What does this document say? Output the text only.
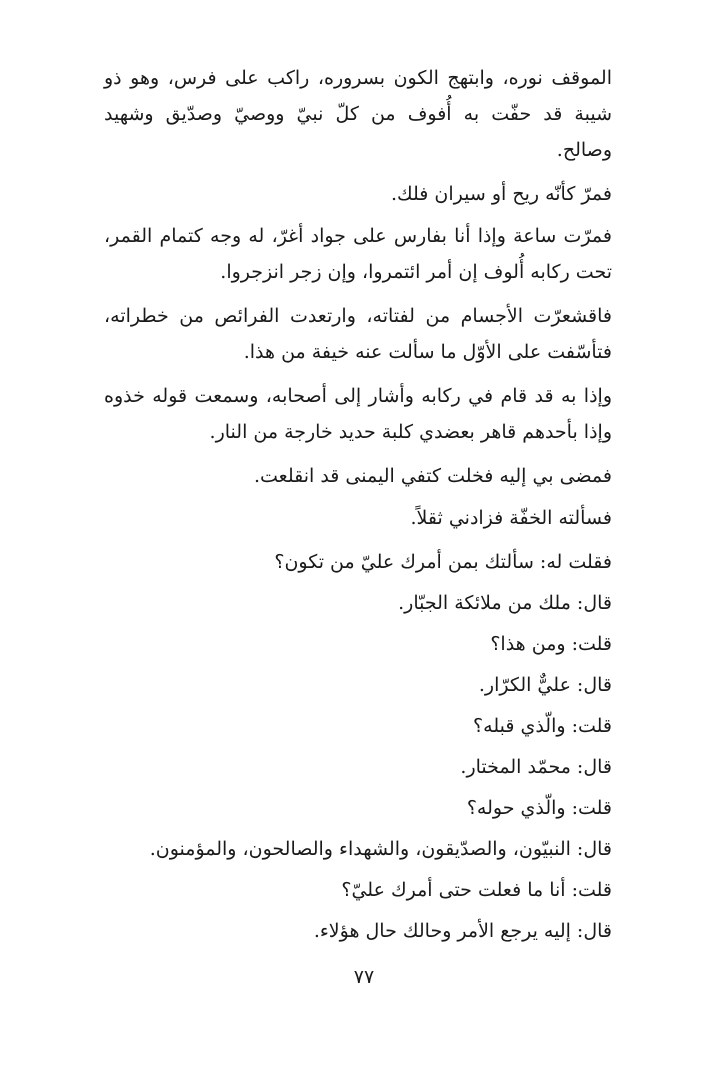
الموقف نوره، وابتهج الكون بسروره، راكب على فرس، وهو ذو شيبة قد حفّت به أُفوف من كلّ نبيّ ووصيّ وصدّيق وشهيد وصالح.

فمرّ كأنّه ريح أو سيران فلك.

فمرّت ساعة وإذا أنا بفارس على جواد أغرّ، له وجه كتمام القمر، تحت ركابه أُلوف إن أمر ائتمروا، وإن زجر انزجروا.

فاقشعرّت الأجسام من لفتاته، وارتعدت الفرائص من خطراته، فتأسّفت على الأوّل ما سألت عنه خيفة من هذا.

وإذا به قد قام في ركابه وأشار إلى أصحابه، وسمعت قوله خذوه وإذا بأحدهم قاهر بعضدي كلبة حديد خارجة من النار.

فمضى بي إليه فخلت كتفي اليمنى قد انقلعت.

فسألته الخفّة فزادني ثقلاً.

فقلت له: سألتك بمن أمرك عليّ من تكون؟

قال:ملك من ملائكة الجبّار.

قلت:ومن هذا؟

قال:عليٌّ الكرّار.

قلت:والّذي قبله؟

قال:محمّد المختار.

قلت:والّذي حوله؟

قال:النبيّون، والصدّيقون، والشهداء والصالحون، والمؤمنون.

قلت:أنا ما فعلت حتى أمرك عليّ؟

قال:إليه يرجع الأمر وحالك حال هؤلاء.

٧٧
